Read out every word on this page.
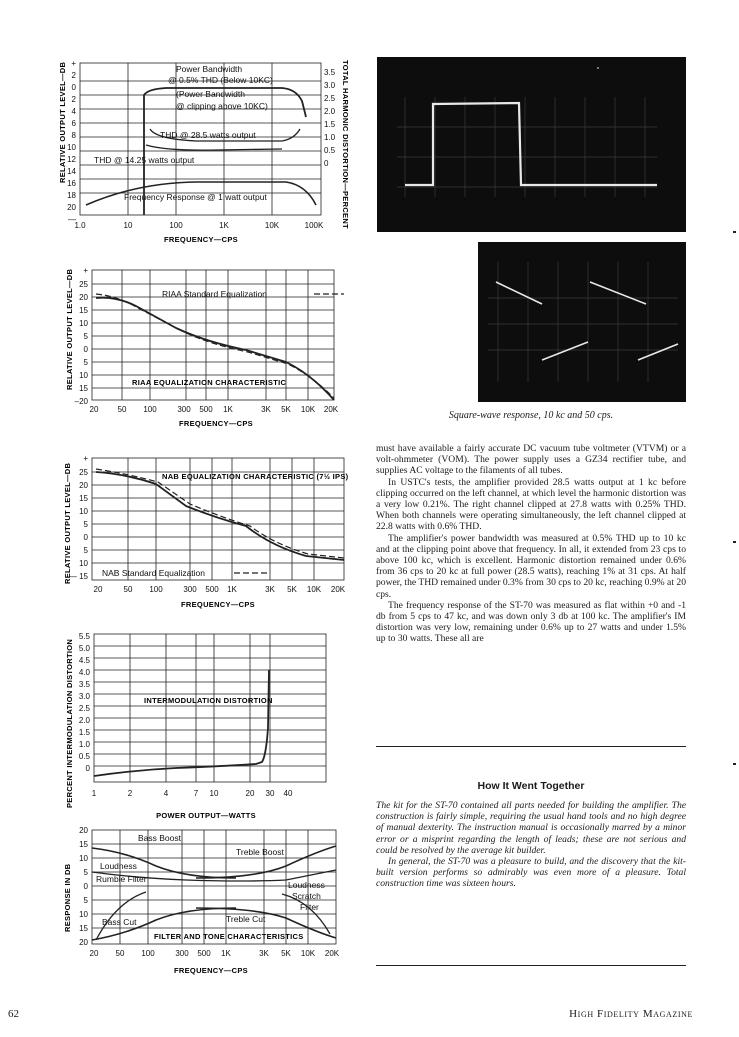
RELATIVE OUTPUT LEVEL—DB	TOTAL HARMONIC DISTORTION—PERCENT
Power Bandwidth
@ 0.5% THD (Below 10KC)
(Power Bandwidth
@ clipping above 10KC)
THD @ 28.5 watts output
THD @ 14.25 watts output
Frequency Response @ 1 watt output
+
2
0
2
4
6
8
10
12
14
16
18
20
—
3.5
3.0
2.5
2.0
1.5
1.0
0.5
0
1.0	10	100	1K	10K	100K
FREQUENCY—CPS
RELATIVE OUTPUT LEVEL—DB	RIAA Standard Equalization
RIAA EQUALIZATION CHARACTERISTIC
+
25
20
15
10
5
0
5
10
15
–20
20 50 100	300 500 1K	3K 5K 10K 20K
FREQUENCY—CPS
RELATIVE OUTPUT LEVEL—DB	NAB EQUALIZATION CHARACTERISTIC (7½ IPS)
NAB Standard Equalization
+
25
20
15
10
5
0
5
10
— 15
20	50 100	300 500 1K	3K 5K 10K 20K
FREQUENCY—CPS
PERCENT INTERMODULATION DISTORTION	INTERMODULATION DISTORTION
5.5
5.0
4.5
4.0
3.5
3.0
2.5
2.0
1.5
1.0
0.5
0
1	2	4	7 10	20 30 40
POWER OUTPUT—WATTS
RESPONSE IN DB
Bass Boost
Treble Boost
Loudness
Rumble Filter
Loudness
Scratch
Filter
Bass Cut	Treble Cut
FILTER AND TONE CHARACTERISTICS
20
15
10
5
0
5
10
15
20
20 50 100	300 500 1K	3K 5K 10K 20K
FREQUENCY—CPS
Square-wave response, 10 kc and 50 cps.

must have available a fairly accurate DC vacuum tube voltmeter (VTVM) or a volt-ohmmeter (VOM). The power supply uses a GZ34 rectifier tube, and supplies AC voltage to the filaments of all tubes.

In USTC's tests, the amplifier provided 28.5 watts output at 1 kc before clipping occurred on the left channel, at which level the harmonic distortion was a very low 0.21%. The right channel clipped at 27.8 watts with 0.25% THD. When both channels were operating simultaneously, the left channel clipped at 22.8 watts with 0.6% THD.

The amplifier's power bandwidth was measured at 0.5% THD up to 10 kc and at the clipping point above that frequency. In all, it extended from 23 cps to above 100 kc, which is excellent. Harmonic distortion remained under 0.6% from 36 cps to 20 kc at full power (28.5 watts), reaching 1% at 31 cps. At half power, the THD remained under 0.3% from 30 cps to 20 kc, reaching 0.9% at 20 cps.

The frequency response of the ST-70 was measured as flat within +0 and -1 db from 5 cps to 47 kc, and was down only 3 db at 100 kc. The amplifier's IM distortion was very low, remaining under 0.6% up to 27 watts and under 1.5% up to 30 watts. These all are

How It Went Together

The kit for the ST-70 contained all parts needed for building the amplifier. The construction is fairly simple, requiring the usual hand tools and no high degree of manual dexterity. The instruction manual is occasionally marred by a minor error or a misprint regarding the length of leads; these are not serious and could be resolved by the average kit builder.

In general, the ST-70 was a pleasure to build, and the discovery that the kit-built version performs so admirably was even more of a pleasure. Total construction time was sixteen hours.

62	High Fidelity Magazine
